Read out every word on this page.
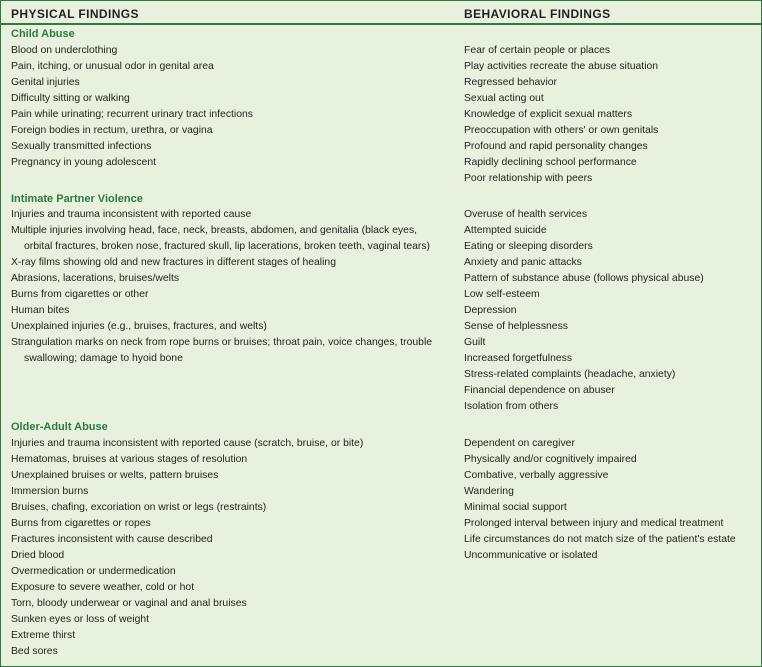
PHYSICAL FINDINGS	BEHAVIORAL FINDINGS
Child Abuse
Blood on underclothing
Pain, itching, or unusual odor in genital area
Genital injuries
Difficulty sitting or walking
Pain while urinating; recurrent urinary tract infections
Foreign bodies in rectum, urethra, or vagina
Sexually transmitted infections
Pregnancy in young adolescent
Fear of certain people or places
Play activities recreate the abuse situation
Regressed behavior
Sexual acting out
Knowledge of explicit sexual matters
Preoccupation with others' or own genitals
Profound and rapid personality changes
Rapidly declining school performance
Poor relationship with peers
Intimate Partner Violence
Injuries and trauma inconsistent with reported cause
Multiple injuries involving head, face, neck, breasts, abdomen, and genitalia (black eyes,
orbital fractures, broken nose, fractured skull, lip lacerations, broken teeth, vaginal tears)
X-ray films showing old and new fractures in different stages of healing
Abrasions, lacerations, bruises/welts
Burns from cigarettes or other
Human bites
Unexplained injuries (e.g., bruises, fractures, and welts)
Strangulation marks on neck from rope burns or bruises; throat pain, voice changes, trouble
swallowing; damage to hyoid bone
Overuse of health services
Attempted suicide
Eating or sleeping disorders
Anxiety and panic attacks
Pattern of substance abuse (follows physical abuse)
Low self-esteem
Depression
Sense of helplessness
Guilt
Increased forgetfulness
Stress-related complaints (headache, anxiety)
Financial dependence on abuser
Isolation from others
Older-Adult Abuse
Injuries and trauma inconsistent with reported cause (scratch, bruise, or bite)
Hematomas, bruises at various stages of resolution
Unexplained bruises or welts, pattern bruises
Immersion burns
Bruises, chafing, excoriation on wrist or legs (restraints)
Burns from cigarettes or ropes
Fractures inconsistent with cause described
Dried blood
Overmedication or undermedication
Exposure to severe weather, cold or hot
Torn, bloody underwear or vaginal and anal bruises
Sunken eyes or loss of weight
Extreme thirst
Bed sores
Dependent on caregiver
Physically and/or cognitively impaired
Combative, verbally aggressive
Wandering
Minimal social support
Prolonged interval between injury and medical treatment
Life circumstances do not match size of the patient's estate
Uncommunicative or isolated
